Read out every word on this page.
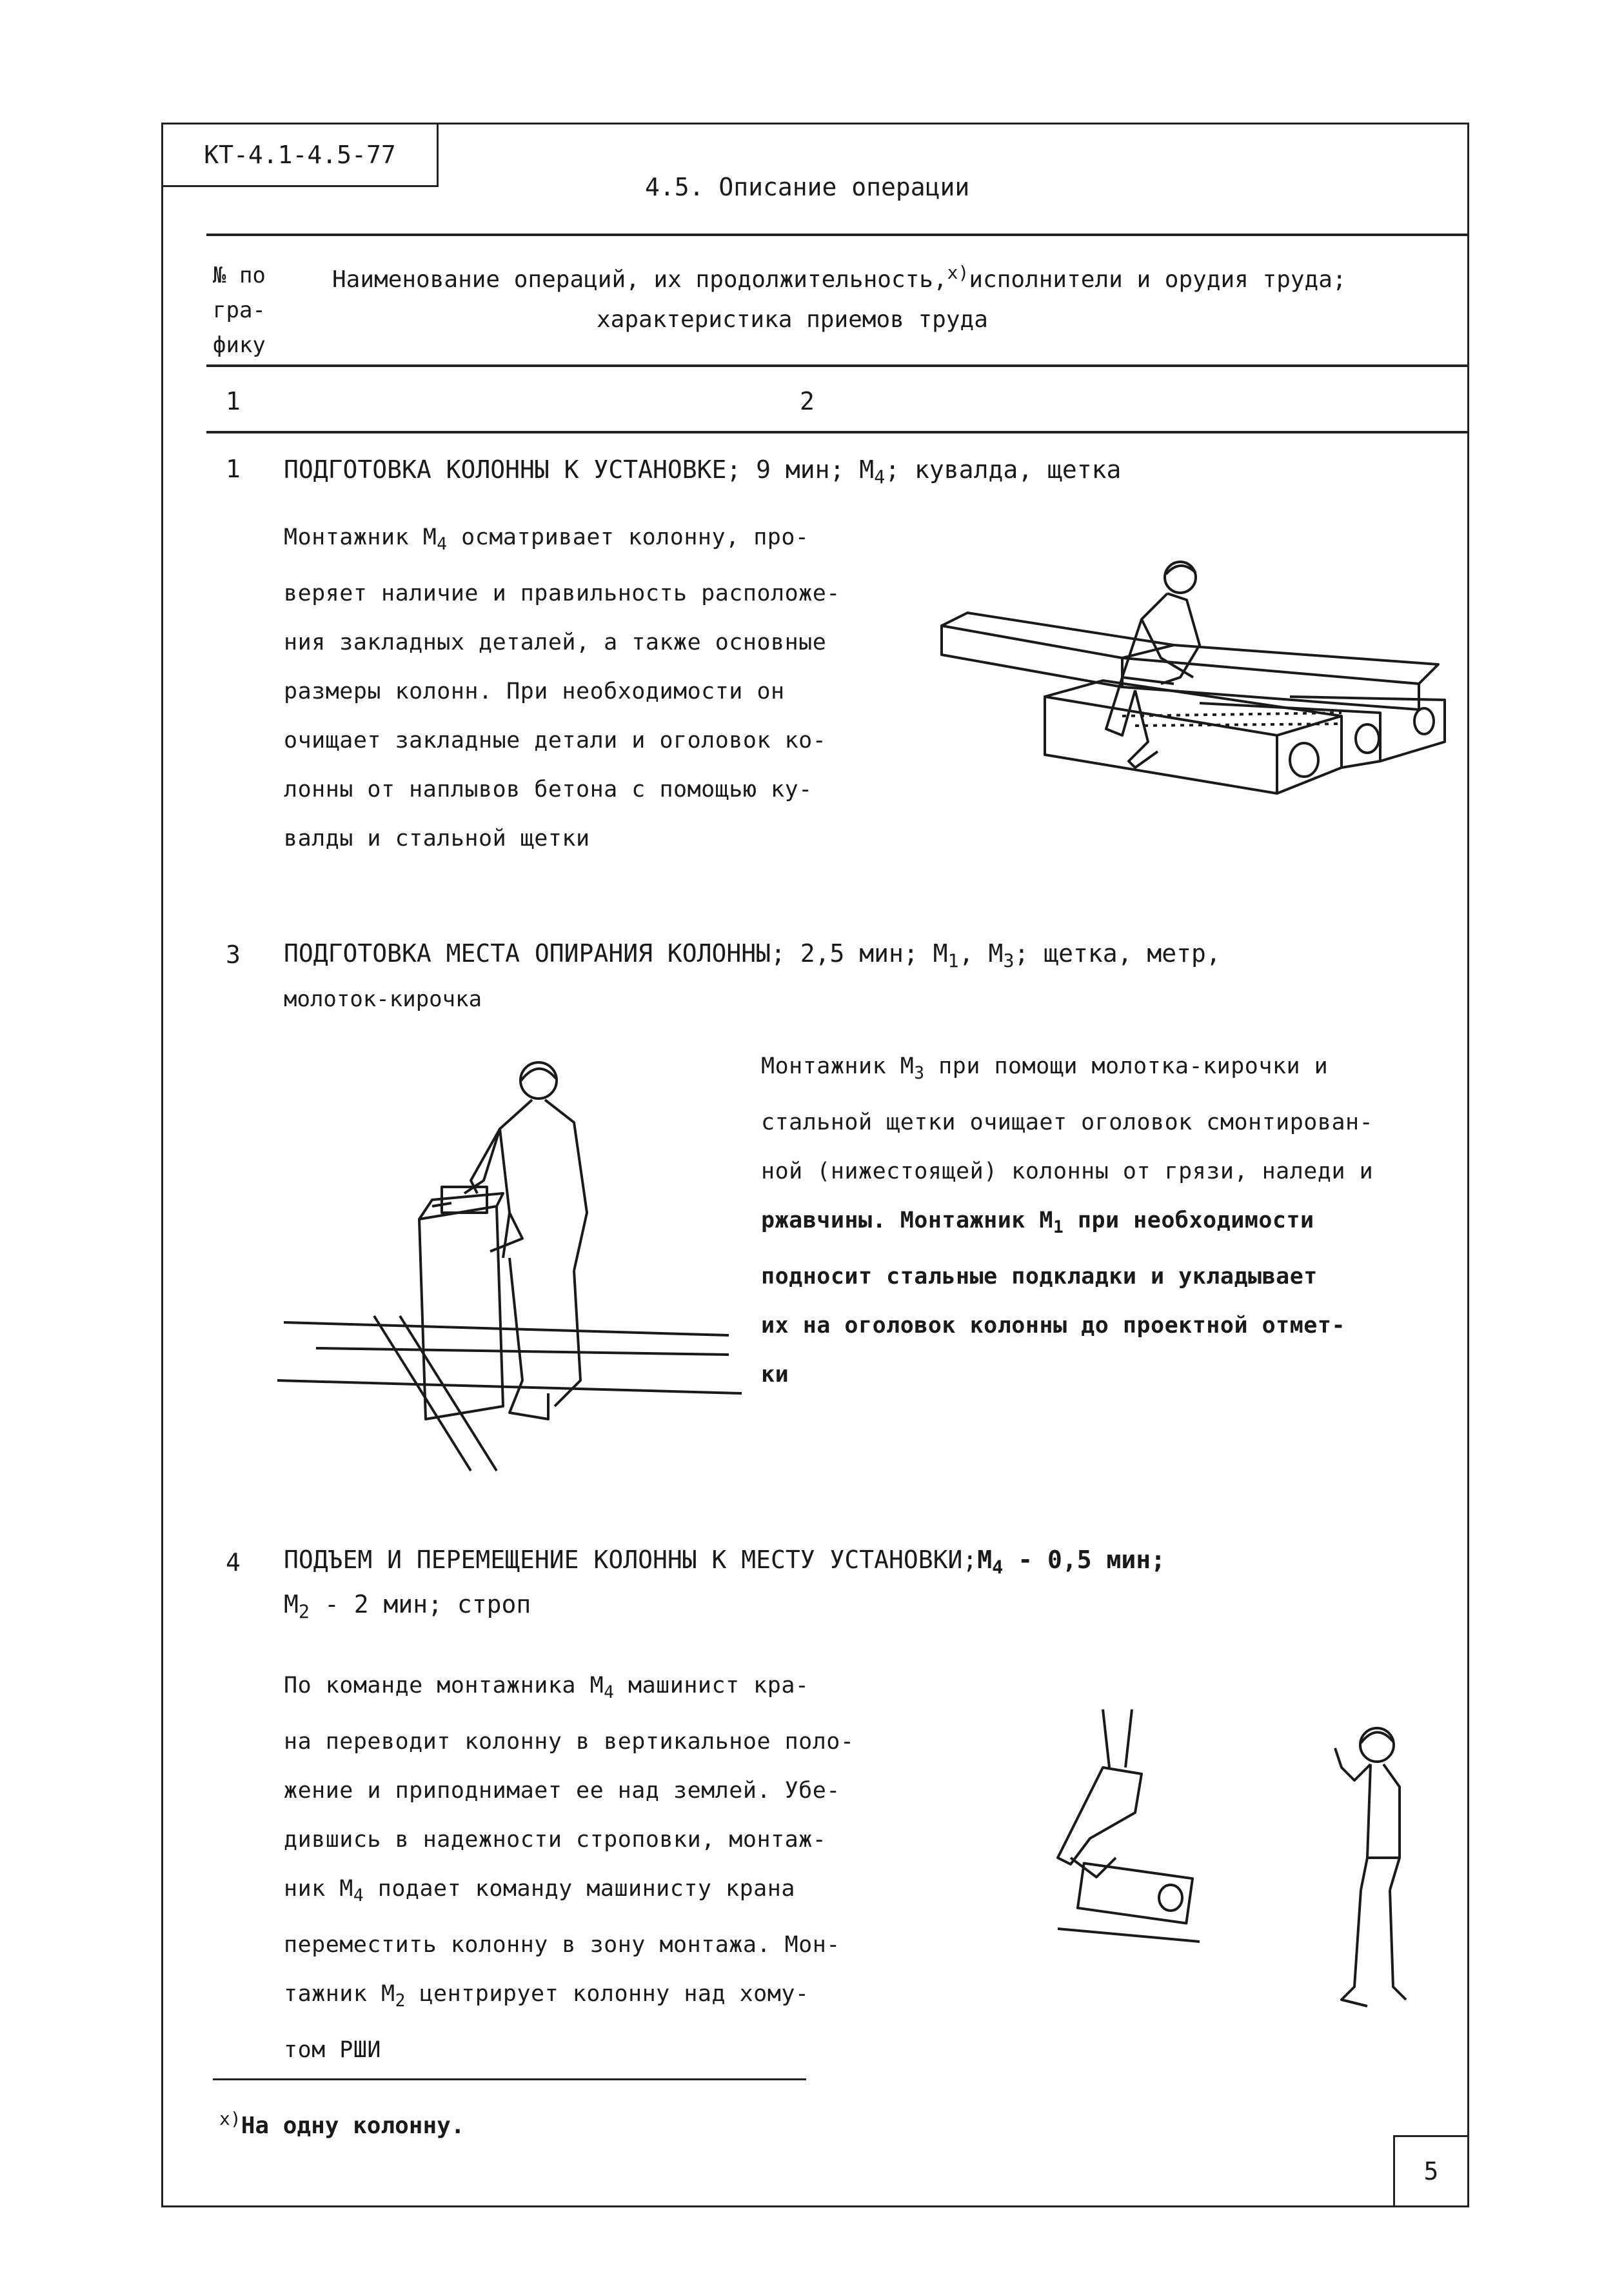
КТ-4.1-4.5-77
4.5. Описание операции
№ по
гра-
фику
Наименование операций, их продолжительность,$^{x)}$исполнители и орудия труда;
характеристика приемов труда
1	2
1 ПОДГОТОВКА КОЛОННЫ К УСТАНОВКЕ; 9 мин; $М_4$; кувалда, щетка

Монтажник $М_4$ осматривает колонну, про-

веряет наличие и правильность расположе-

ния закладных деталей, а также основные

размеры колонн. При необходимости он

очищает закладные детали и оголовок ко-

лонны от наплывов бетона с помощью ку-

валды и стальной щетки

3 ПОДГОТОВКА МЕСТА ОПИРАНИЯ КОЛОННЫ; 2,5 мин; $М_1$, $М_3$; щетка, метр,
молоток-кирочка

Монтажник $М_3$ при помощи молотка-кирочки и

стальной щетки очищает оголовок смонтирован-

ной (нижестоящей) колонны от грязи, наледи и

ржавчины. Монтажник $М_1$ при необходимости

подносит стальные подкладки и укладывает

их на оголовок колонны до проектной отмет-

ки

4 ПОДЪЕМ И ПЕРЕМЕЩЕНИЕ КОЛОННЫ К МЕСТУ $УСТАНОВКИ;М_4 - 0,5$ мин;
$М_2 - 2$ мин; строп

По команде монтажника $М_4$ машинист кра-

на переводит колонну в вертикальное поло-

жение и приподнимает ее над землей. Убе-

дившись в надежности строповки, монтаж-

ник $М_4$ подает команду машинисту крана

переместить колонну в зону монтажа. Мон-

тажник $М_2$ центрирует колонну над хому-

том РШИ

$^{x)}$На одну колонну.
5
